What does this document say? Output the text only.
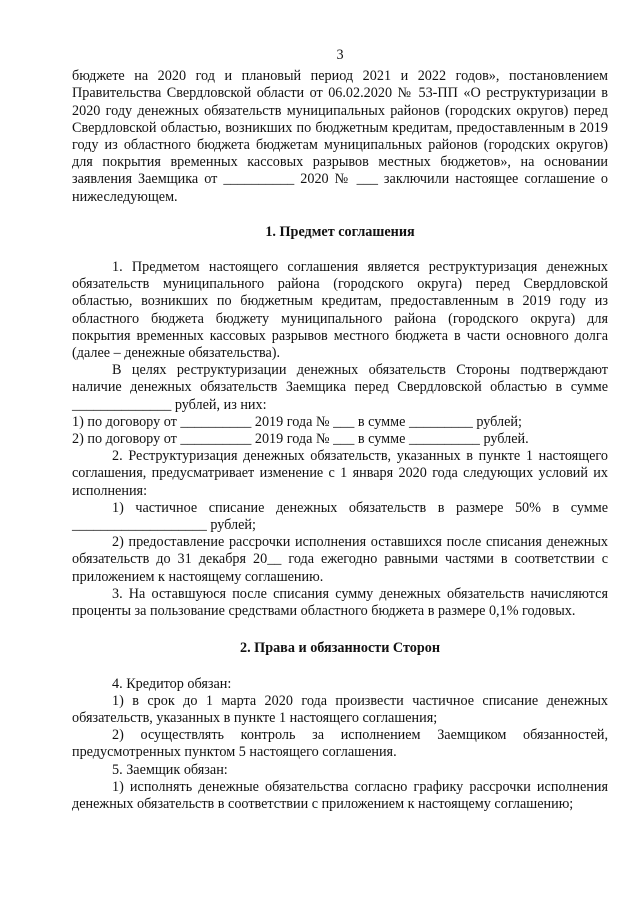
3

бюджете на 2020 год и плановый период 2021 и 2022 годов», постановлением Правительства Свердловской области от 06.02.2020 № 53-ПП «О реструктуризации в 2020 году денежных обязательств муниципальных районов (городских округов) перед Свердловской областью, возникших по бюджетным кредитам, предоставленным в 2019 году из областного бюджета бюджетам муниципальных районов (городских округов) для покрытия временных кассовых разрывов местных бюджетов», на основании заявления Заемщика от __________ 2020 № ___ заключили настоящее соглашение о нижеследующем.

1. Предмет соглашения

1. Предметом настоящего соглашения является реструктуризация денежных обязательств муниципального района (городского округа) перед Свердловской областью, возникших по бюджетным кредитам, предоставленным в 2019 году из областного бюджета бюджету муниципального района (городского округа) для покрытия временных кассовых разрывов местного бюджета в части основного долга (далее – денежные обязательства).

В целях реструктуризации денежных обязательств Стороны подтверждают наличие денежных обязательств Заемщика перед Свердловской областью в сумме ______________ рублей, из них:

1) по договору от __________ 2019 года № ___ в сумме _________ рублей;

2) по договору от __________ 2019 года № ___ в сумме __________ рублей.

2. Реструктуризация денежных обязательств, указанных в пункте 1 настоящего соглашения, предусматривает изменение с 1 января 2020 года следующих условий их исполнения:

1) частичное списание денежных обязательств в размере 50% в сумме ___________________ рублей;

2) предоставление рассрочки исполнения оставшихся после списания денежных обязательств до 31 декабря 20__ года ежегодно равными частями в соответствии с приложением к настоящему соглашению.

3. На оставшуюся после списания сумму денежных обязательств начисляются проценты за пользование средствами областного бюджета в размере 0,1% годовых.

2. Права и обязанности Сторон

4. Кредитор обязан:

1) в срок до 1 марта 2020 года произвести частичное списание денежных обязательств, указанных в пункте 1 настоящего соглашения;

2) осуществлять контроль за исполнением Заемщиком обязанностей, предусмотренных пунктом 5 настоящего соглашения.

5. Заемщик обязан:

1) исполнять денежные обязательства согласно графику рассрочки исполнения денежных обязательств в соответствии с приложением к настоящему соглашению;
